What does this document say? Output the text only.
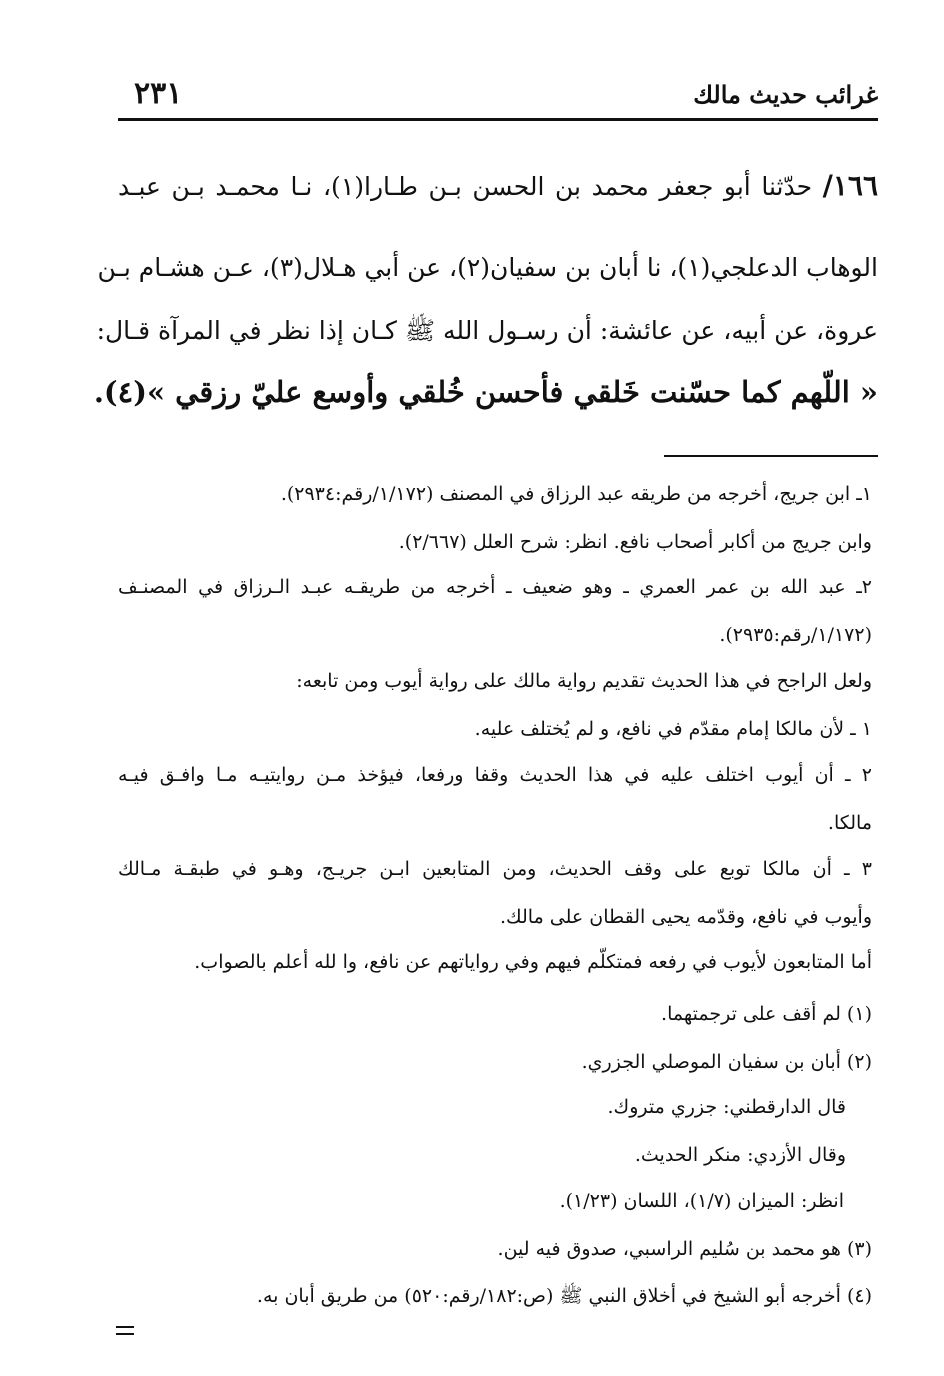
غرائب حديث مالك
٢٣١
١٦٦/ حدّثنا أبو جعفر محمد بن الحسن بـن طـارا(١)، نـا محمـد بـن عبـد
الوهاب الدعلجي(١)، نا أبان بن سفيان(٢)، عن أبي هـلال(٣)، عـن هشـام بـن
عروة، عن أبيه، عن عائشة: أن رسـول الله ﷺ كـان إذا نظر في المرآة قـال:
« اللّهم كما حسّنت خَلقي فأحسن خُلقي وأوسع عليّ رزقي »(٤).
١ـ ابن جريج، أخرجه من طريقه عبد الرزاق في المصنف (١/١٧٢/رقم:٢٩٣٤).
وابن جريج من أكابر أصحاب نافع. انظر: شرح العلل (٢/٦٦٧).
٢ـ عبد الله بن عمر العمري ـ وهو ضعيف ـ أخرجه من طريقـه عبـد الـرزاق في المصنـف
(١/١٧٢/رقم:٢٩٣٥).
ولعل الراجح في هذا الحديث تقديم رواية مالك على رواية أيوب ومن تابعه:
١ ـ لأن مالكا إمام مقدّم في نافع، و لم يُختلف عليه.
٢ ـ أن أيوب اختلف عليه في هذا الحديث وقفا ورفعا، فيؤخذ مـن روايتيـه مـا وافـق فيـه
مالكا.
٣ ـ أن مالكا توبع على وقف الحديث، ومن المتابعين ابـن جريـج، وهـو في طبقـة مـالك
وأيوب في نافع، وقدّمه يحيى القطان على مالك.
أما المتابعون لأيوب في رفعه فمتكلّم فيهم وفي رواياتهم عن نافع، وا لله أعلم بالصواب.
(١) لم أقف على ترجمتهما.
(٢) أبان بن سفيان الموصلي الجزري.
قال الدارقطني: جزري متروك.
وقال الأزدي: منكر الحديث.
انظر: الميزان (١/٧)، اللسان (١/٢٣).
(٣) هو محمد بن سُليم الراسبي، صدوق فيه لين.
(٤) أخرجه أبو الشيخ في أخلاق النبي ﷺ (ص:١٨٢/رقم:٥٢٠) من طريق أبان به.
